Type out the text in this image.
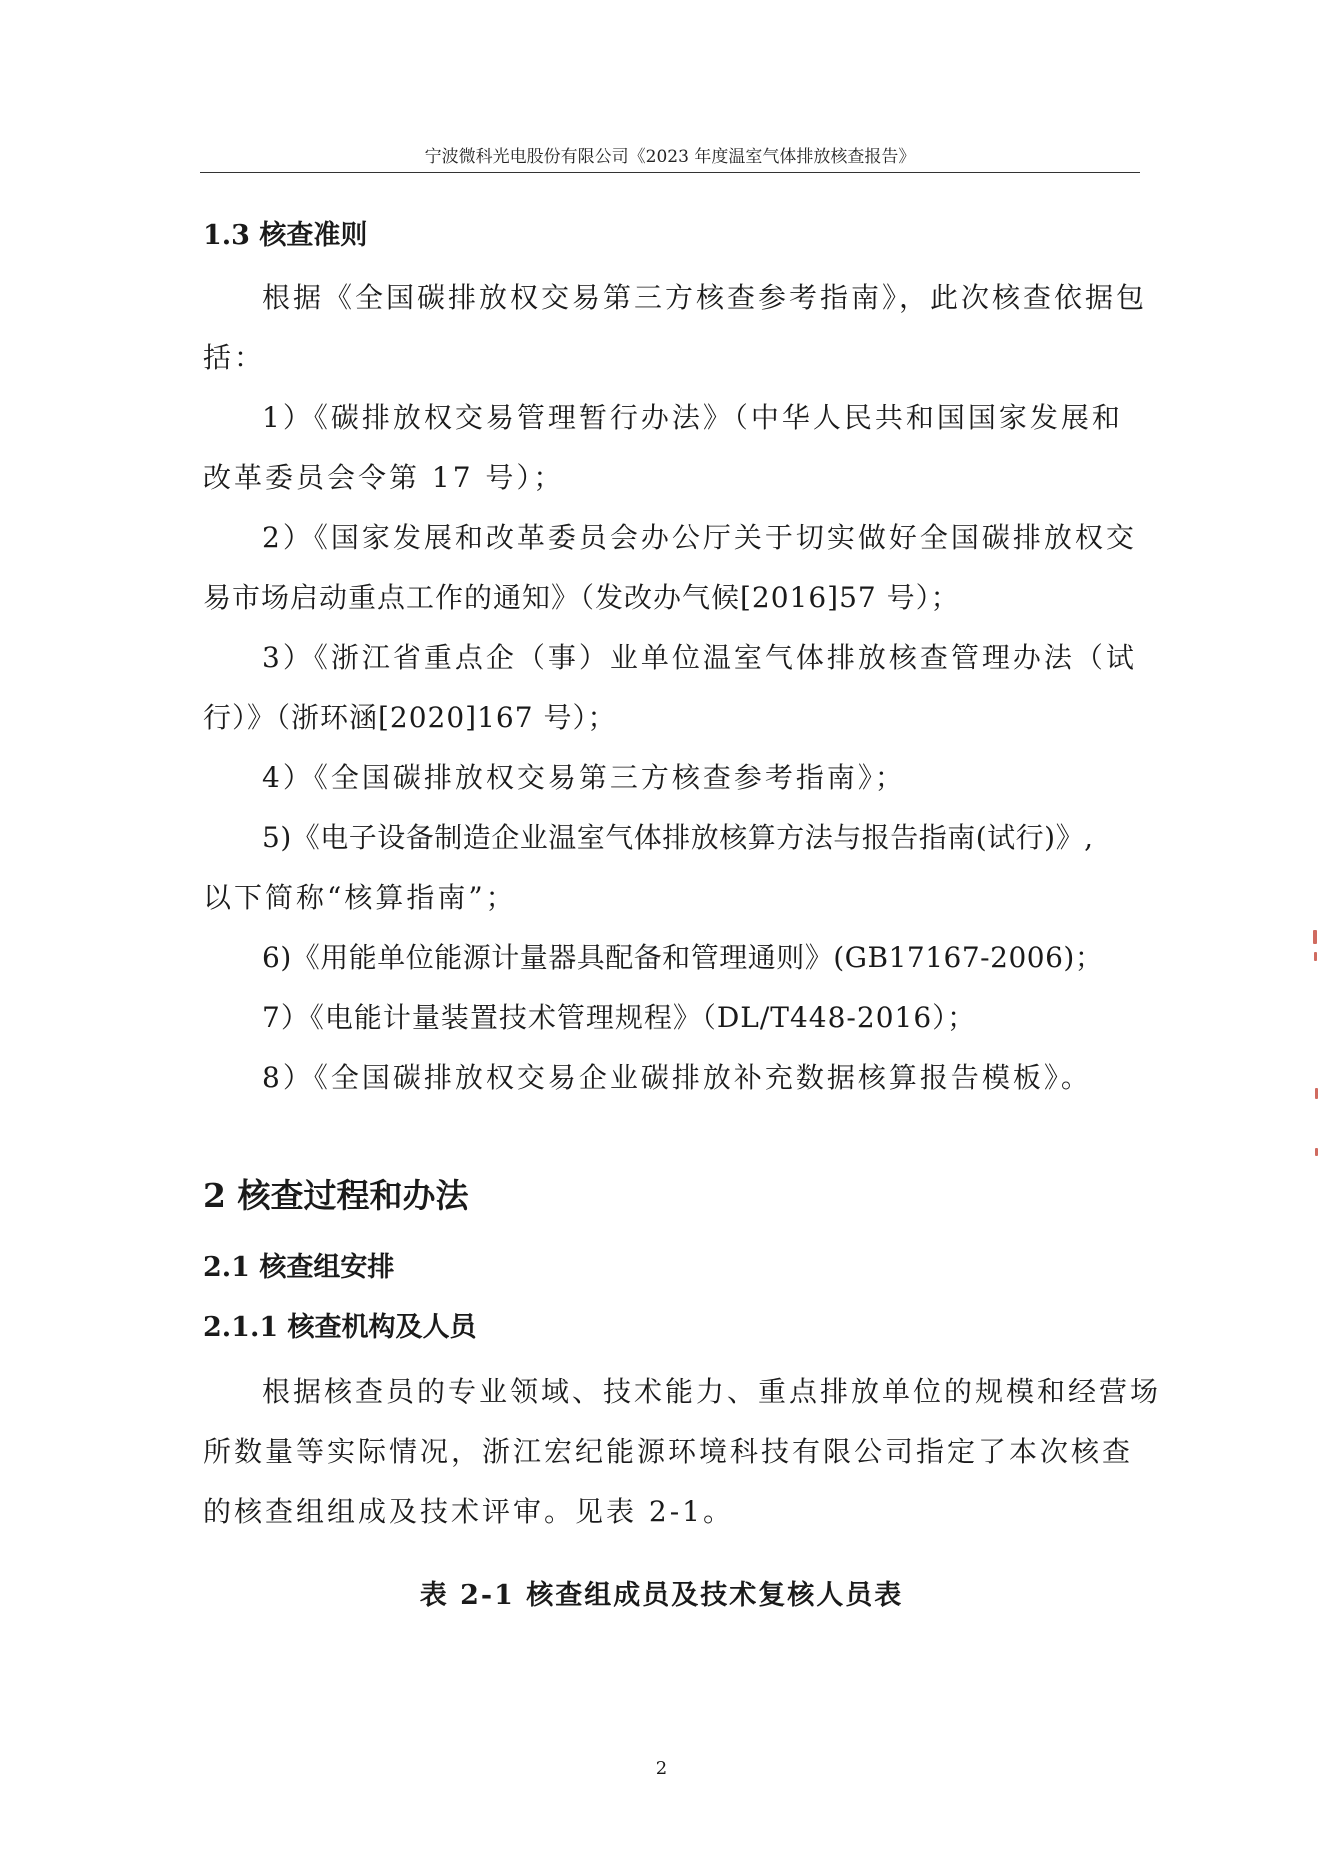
宁波微科光电股份有限公司《2023 年度温室气体排放核查报告》
1.3 核查准则
根据《全国碳排放权交易第三方核查参考指南》，此次核查依据包
括：
1）《碳排放权交易管理暂行办法》（中华人民共和国国家发展和
改革委员会令第 17 号）；
2）《国家发展和改革委员会办公厅关于切实做好全国碳排放权交
易市场启动重点工作的通知》（发改办气候[2016]57 号）；
3）《浙江省重点企（事）业单位温室气体排放核查管理办法（试
行）》（浙环涵[2020]167 号）；
4）《全国碳排放权交易第三方核查参考指南》；
5)《电子设备制造企业温室气体排放核算方法与报告指南(试行)》,
以下简称“核算指南”；
6)《用能单位能源计量器具配备和管理通则》(GB17167-2006)；
7）《电能计量装置技术管理规程》（DL/T448-2016）；
8）《全国碳排放权交易企业碳排放补充数据核算报告模板》。
2 核查过程和办法
2.1 核查组安排
2.1.1 核查机构及人员
根据核查员的专业领域、技术能力、重点排放单位的规模和经营场
所数量等实际情况，浙江宏纪能源环境科技有限公司指定了本次核查
的核查组组成及技术评审。见表 2-1。
表 2-1 核查组成员及技术复核人员表
2
